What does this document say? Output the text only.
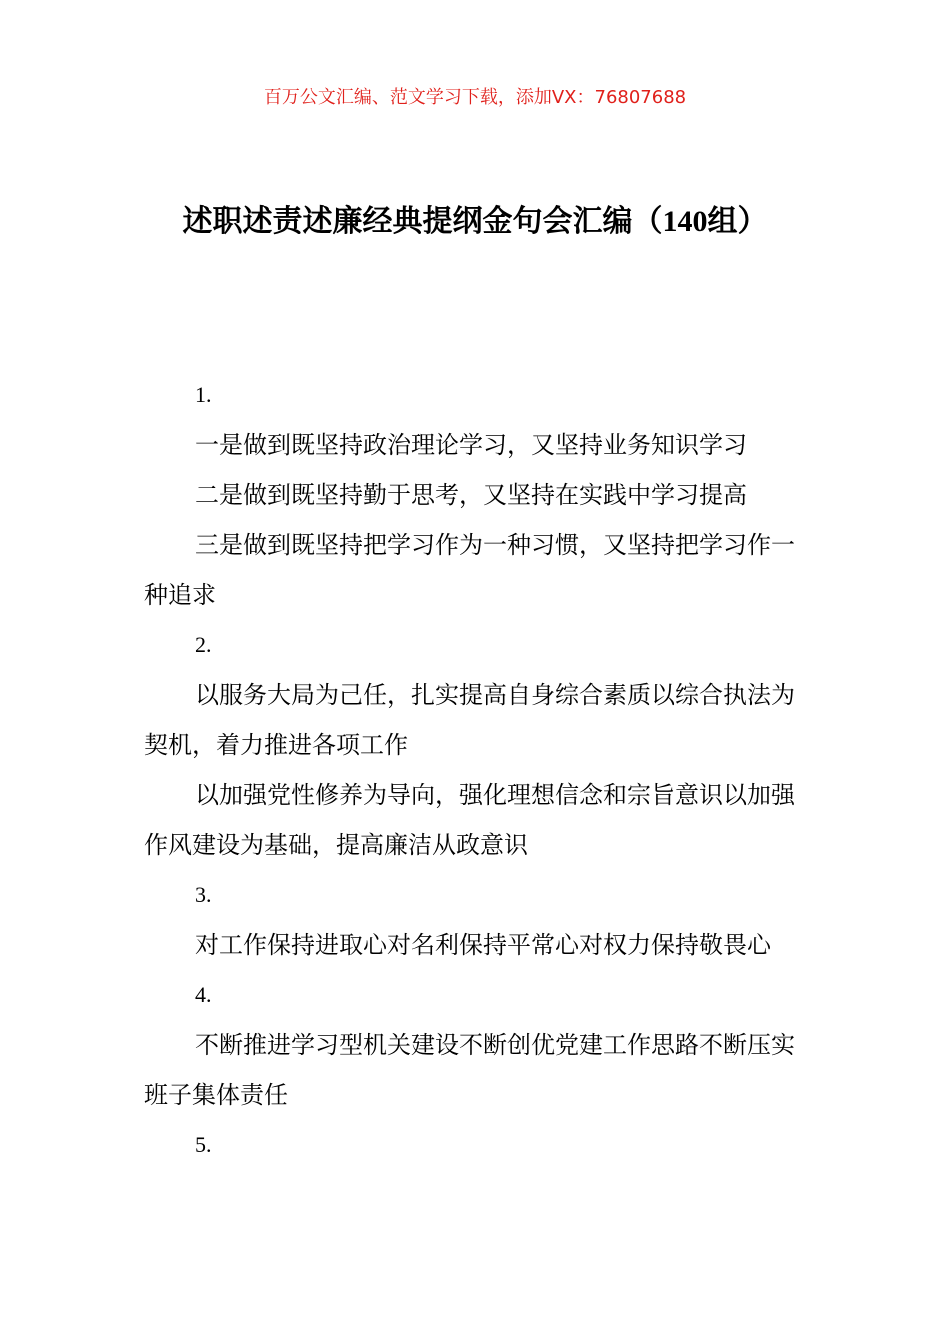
百万公文汇编、范文学习下载，添加VX：76807688
述职述责述廉经典提纲金句会汇编（140组）

1.

一是做到既坚持政治理论学习，又坚持业务知识学习

二是做到既坚持勤于思考，又坚持在实践中学习提高

三是做到既坚持把学习作为一种习惯，又坚持把学习作一种追求

2.

以服务大局为己任，扎实提高自身综合素质以综合执法为契机，着力推进各项工作

以加强党性修养为导向，强化理想信念和宗旨意识以加强作风建设为基础，提高廉洁从政意识

3.

对工作保持进取心对名利保持平常心对权力保持敬畏心

4.

不断推进学习型机关建设不断创优党建工作思路不断压实班子集体责任

5.
